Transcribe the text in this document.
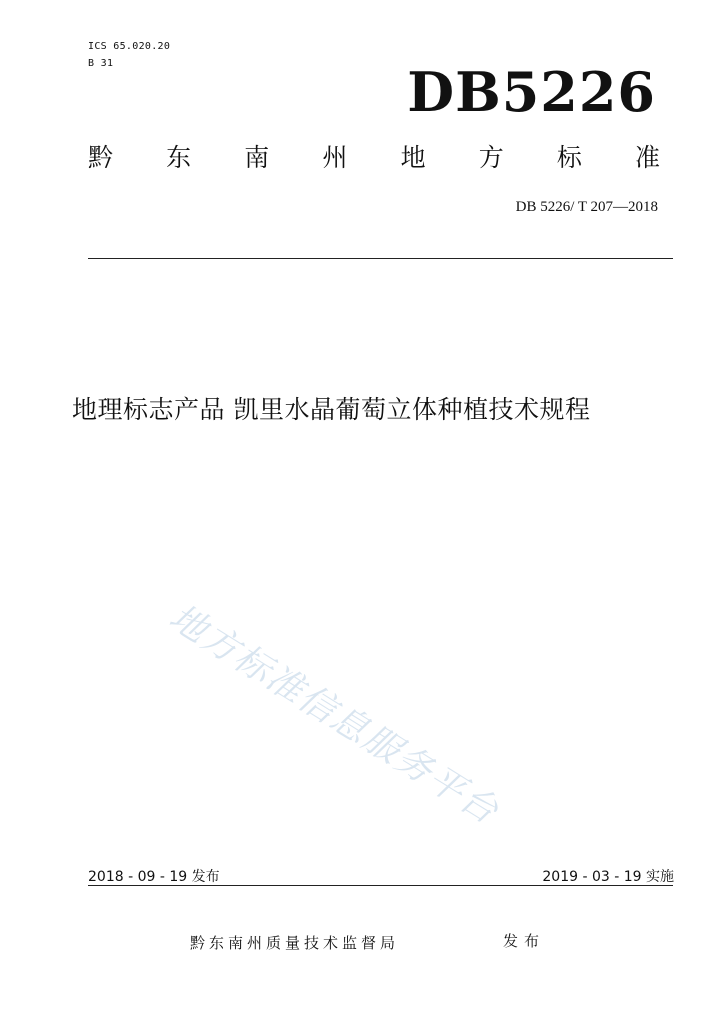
ICS 65.020.20
B 31	DB5226
黔 东 南 州 地 方 标 准
DB 5226/ T 207—2018
地理标志产品 凯里水晶葡萄立体种植技术规程
地方标准信息服务平台
2018 - 09 - 19 发布	2019 - 03 - 19 实施
黔东南州质量技术监督局	发布
